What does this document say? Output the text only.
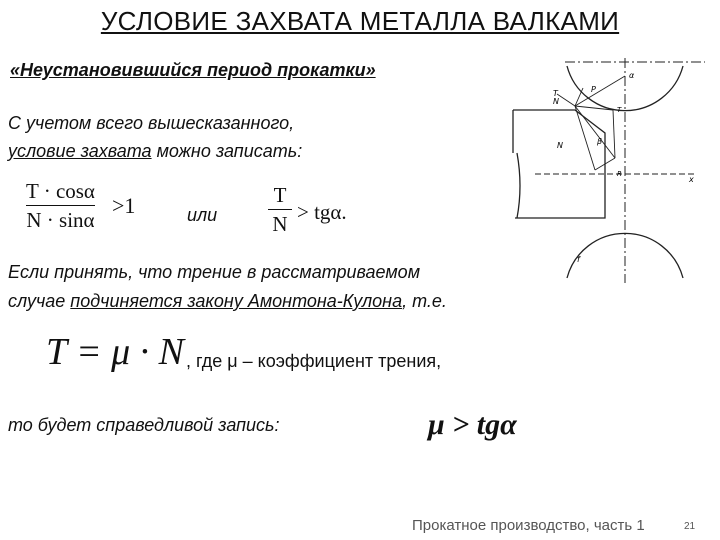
УСЛОВИЕ ЗАХВАТА МЕТАЛЛА ВАЛКАМИ
«Неустановившийся период прокатки»
С учетом всего вышесказанного,
условие захвата можно записать:
T · cosα
N · sinα
>1	или
T
N > tgα.
Если принять, что трение в рассматриваемом
случае подчиняется закону Амонтона-Кулона, т.е.
T = μ · N , где μ – коэффициент трения,
то будет справедливой запись:	μ > tgα
Прокатное производство, часть 1	21
α
P
T
N
N	β
x
R
T
f
